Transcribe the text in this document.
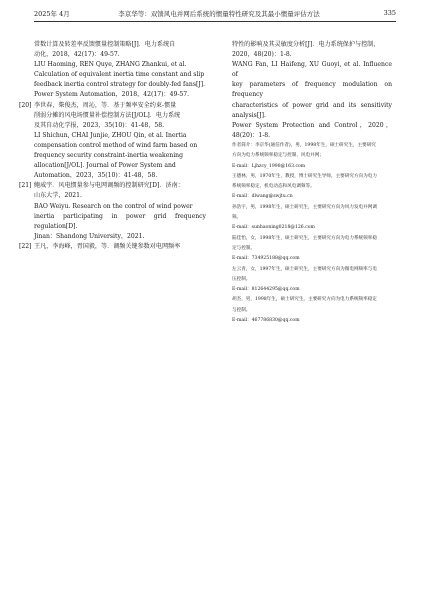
2025年 4月	李京华等：双馈风电并网后系统的惯量特性研究及其最小惯量评估方法	335

常数计算及转差率反馈惯量控制策略[J]．电力系统自

动化，2018，42(17)：49-57.

LIU Haoming, REN Quye, ZHANG Zhankui, et al.

Calculation of equivalent inertia time constant and slip

feedback inertia control strategy for doubly-fed fans[J].

Power System Automation，2018，42(17)：49-57.

[20] 李世春，柴俊杰，周沁，等．基于频率安全约束-惯量

削弱分摊的风电场惯量补偿控制方法[J/OL]．电力系统

及其自动化学报，2023，35(10)：41-48，58.

LI Shichun, CHAI Junjie, ZHOU Qin, et al. Inertia

compensation control method of wind farm based on

frequency security constraint-inertia weakening

allocation[J/OL]. Journal of Power System and

Automation，2023，35(10)：41-48，58.

[21] 鲍威宇．风电惯量参与电网调频的控制研究[D]．济南：

山东大学，2021.

BAO Weiyu. Research on the control of wind power

inertia participating in power grid frequency regulation[D].

Jinan：Shandong University，2021.

[22] 王凡，李海峰，胥国毅，等．调频关键参数对电网频率

特性的影响及其灵敏度分析[J]．电力系统保护与控制，

2020，48(20)：1-8.

WANG Fan, LI Haifeng, XU Guoyi, et al. Influence of

key parameters of frequency modulation on frequency

characteristics of power grid and its sensitivity analysis[J].

Power System Protection and Control，2020，48(20)：1-8.

作者简介：李京华(通信作者)，男，1998年生，硕士研究生，主要研究

方向为电力系统频率稳定与控制、风电并网；

E-mail：Ljhzcy_1998@163.com

王德林，男，1970年生，教授，博士研究生导师，主要研究方向为电力

系统频率稳定、机电动态和风电调频等。

E-mail：dlwang@swjtu.cn

孙浩宇，男，1998年生，硕士研究生，主要研究方向为风力发电并网调

频。

E-mail：sunhaoning0218@126.com

陆佳怡，女，1998年生，硕士研究生，主要研究方向为电力系统频率稳

定与控制。

E-mail：734925188@qq.com

左云青，女，1997年生，硕士研究生，主要研究方向为微电网频率与电

压控制。

E-mail：812644295@qq.com

胡杰，男，1998年生，硕士研究生，主要研究方向为电力系统频率稳定

与控制。

E-mail：467786830@qq.com
